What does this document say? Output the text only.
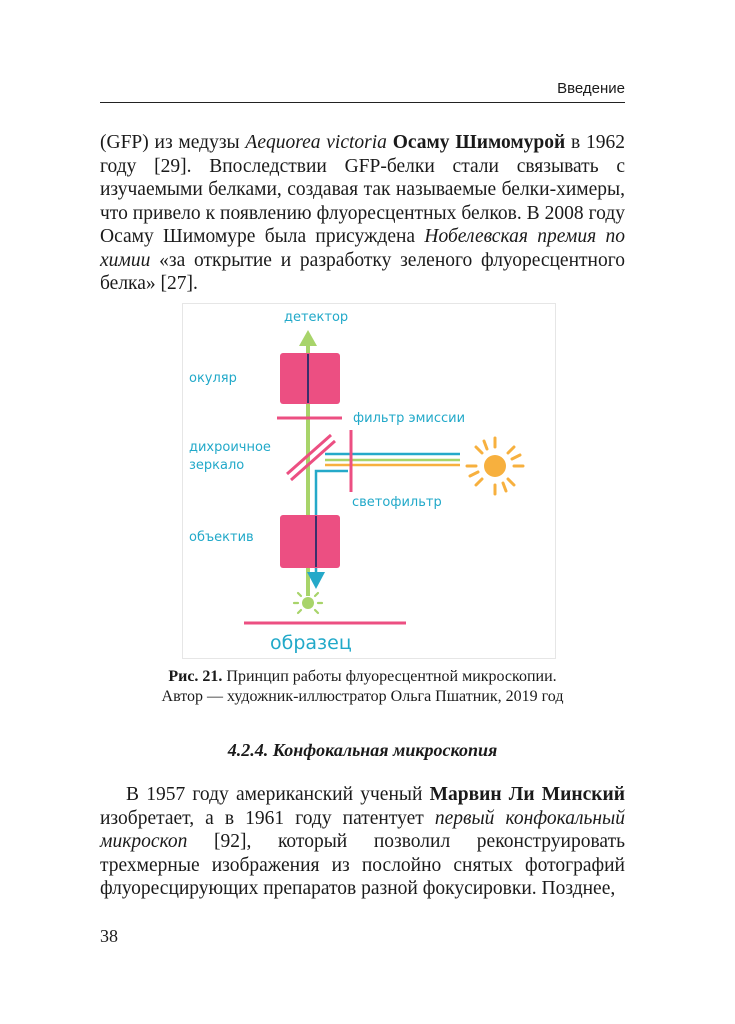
Введение

(GFP) из медузы Aequorea victoria Осаму Шимомурой в 1962 году [29]. Впоследствии GFP-белки стали связывать с изучаемыми белками, создавая так называемые белки-химеры, что привело к появлению флуоресцентных белков. В 2008 году Осаму Шимомуре была присуждена Нобелевская премия по химии «за открытие и разработку зеленого флуоресцентного белка» [27].

детектор
окуляр
фильтр эмиссии
дихроичное
зеркало
светофильтр
объектив
образец
Рис. 21. Принцип работы флуоресцентной микроскопии.
Автор — художник-иллюстратор Ольга Пшатник, 2019 год
4.2.4. Конфокальная микроскопия

В 1957 году американский ученый Марвин Ли Минский изобретает, а в 1961 году патентует первый конфокальный микроскоп [92], который позволил реконструировать трехмерные изображения из послойно снятых фотографий флуоресцирующих препаратов разной фокусировки. Позднее,

38
